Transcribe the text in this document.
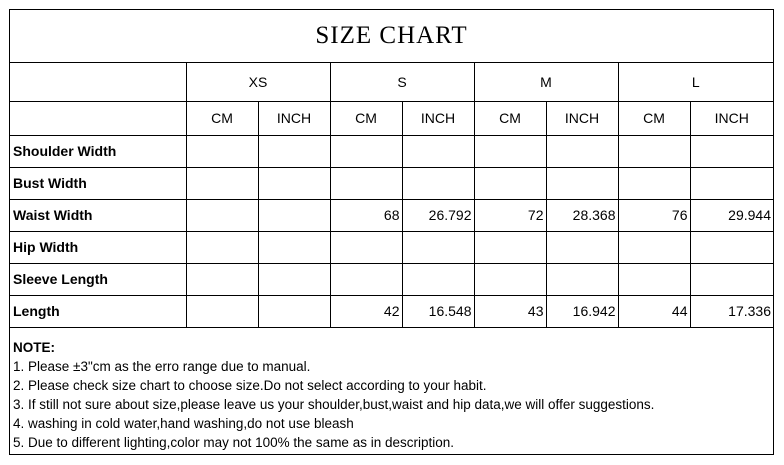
SIZE CHART
	XS		S		M		L	
	CM	INCH	CM	INCH	CM	INCH	CM	INCH
Shoulder Width								
Bust Width								
Waist Width			68	26.792	72	28.368	76	29.944
Hip Width								
Sleeve Length								
Length			42	16.548	43	16.942	44	17.336
NOTE:
1. Please ±3"cm as the erro range due to manual.
2. Please check size chart to choose size.Do not select according to your habit.
3. If still not sure about size,please leave us your shoulder,bust,waist and hip data,we will offer suggestions.
4. washing in cold water,hand washing,do not use bleash
5. Due to different lighting,color may not 100% the same as in description.
